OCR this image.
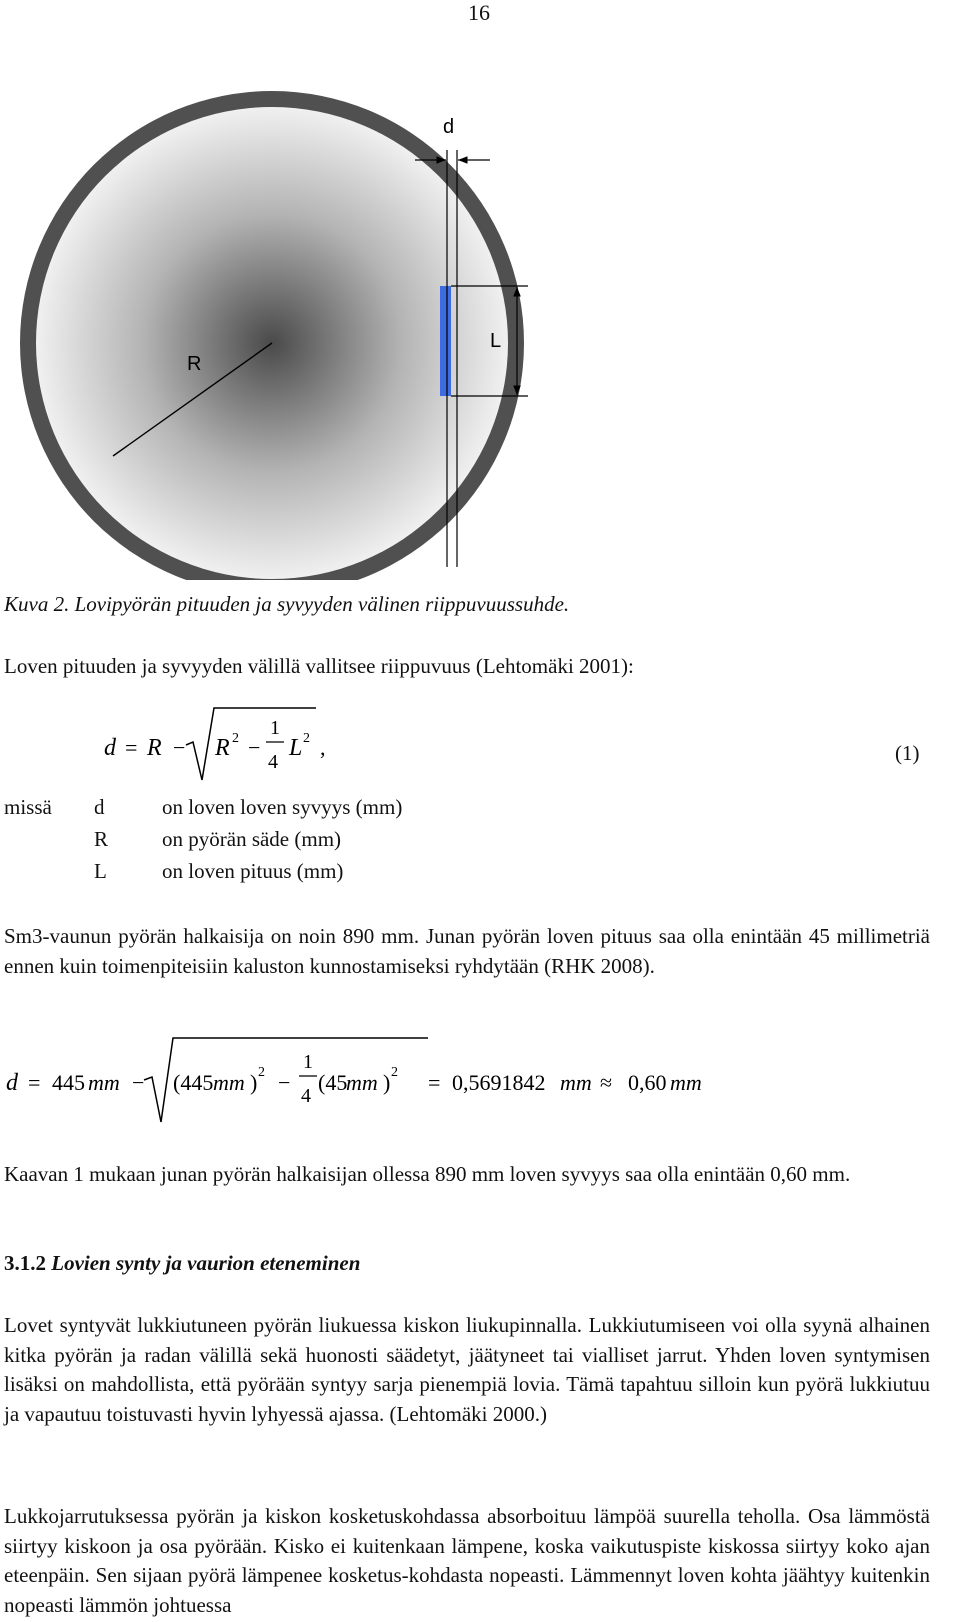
16
R
d
L
Kuva 2. Lovipyörän pituuden ja syvyyden välinen riippuvuussuhde.
Loven pituuden ja syvyyden välillä vallitsee riippuvuus (Lehtomäki 2001):
d = R − R 2 −
1
4
L 2 ,	(1)
missä d	on loven loven syvyys (mm)
R	on pyörän säde (mm)
L	on loven pituus (mm)
Sm3-vaunun pyörän halkaisija on noin 890 mm. Junan pyörän loven pituus saa olla enintään 45 millimetriä ennen kuin toimenpiteisiin kaluston kunnostamiseksi ryhdytään (RHK 2008).
d = 445 mm − (445 mm ) 2 −
1
4
(45
mm ) 2 = 0,5691842 mm ≈ 0,60 mm
Kaavan 1 mukaan junan pyörän halkaisijan ollessa 890 mm loven syvyys saa olla enintään 0,60 mm.
3.1.2 Lovien synty ja vaurion eteneminen
Lovet syntyvät lukkiutuneen pyörän liukuessa kiskon liukupinnalla. Lukkiutumiseen voi olla syynä alhainen kitka pyörän ja radan välillä sekä huonosti säädetyt, jäätyneet tai vialliset jarrut. Yhden loven syntymisen lisäksi on mahdollista, että pyörään syntyy sarja pienempiä lovia. Tämä tapahtuu silloin kun pyörä lukkiutuu ja vapautuu toistuvasti hyvin lyhyessä ajassa. (Lehtomäki 2000.)
Lukkojarrutuksessa pyörän ja kiskon kosketuskohdassa absorboituu lämpöä suurella teholla. Osa lämmöstä siirtyy kiskoon ja osa pyörään. Kisko ei kuitenkaan lämpene, koska vaikutuspiste kiskossa siirtyy koko ajan eteenpäin. Sen sijaan pyörä lämpenee kosketus-kohdasta nopeasti. Lämmennyt loven kohta jäähtyy kuitenkin nopeasti lämmön johtuessa
